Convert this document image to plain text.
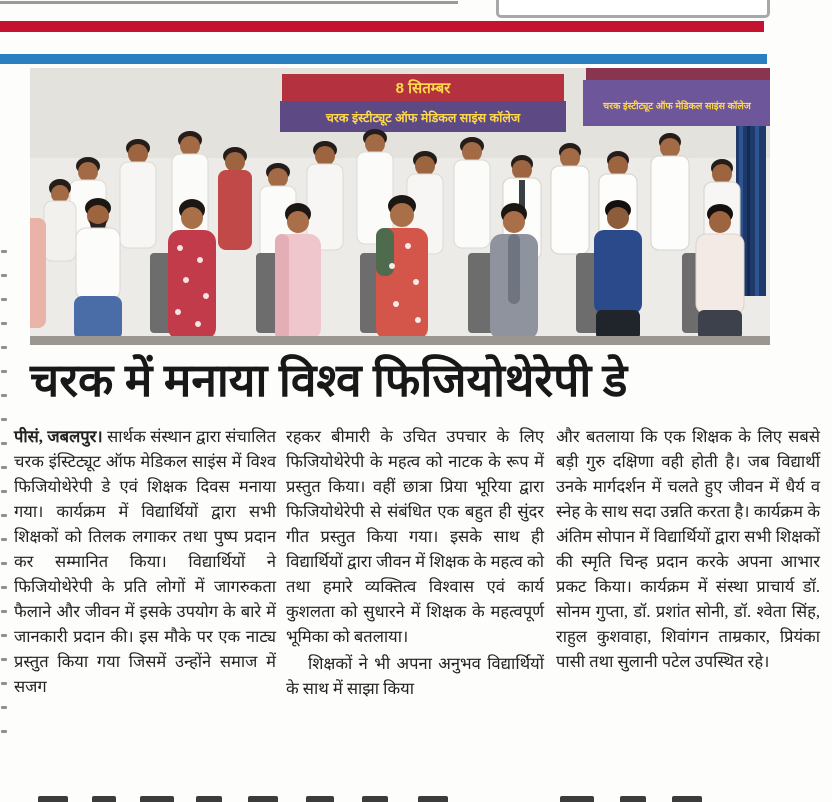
8 सितम्बर
चरक इंस्टीट्यूट ऑफ मेडिकल साइंस कॉलेज
चरक इंस्टीट्यूट ऑफ मेडिकल साइंस कॉलेज
चरक में मनाया विश्व फिजियोथेरेपी डे

पीसं, जबलपुर। सार्थक संस्थान द्वारा संचालित चरक इंस्टिट्यूट ऑफ मेडिकल साइंस में विश्व फिजियोथेरेपी डे एवं शिक्षक दिवस मनाया गया। कार्यक्रम में विद्यार्थियों द्वारा सभी शिक्षकों को तिलक लगाकर तथा पुष्प प्रदान कर सम्मानित किया। विद्यार्थियों ने फिजियोथेरेपी के प्रति लोगों में जागरुकता फैलाने और जीवन में इसके उपयोग के बारे में जानकारी प्रदान की। इस मौके पर एक नाट्य प्रस्तुत किया गया जिसमें उन्होंने समाज में सजग

रहकर बीमारी के उचित उपचार के लिए फिजियोथेरेपी के महत्व को नाटक के रूप में प्रस्तुत किया। वहीं छात्रा प्रिया भूरिया द्वारा फिजियोथेरेपी से संबंधित एक बहुत ही सुंदर गीत प्रस्तुत किया गया। इसके साथ ही विद्यार्थियों द्वारा जीवन में शिक्षक के महत्व को तथा हमारे व्यक्तित्व विश्वास एवं कार्य कुशलता को सुधारने में शिक्षक के महत्वपूर्ण भूमिका को बतलाया।

शिक्षकों ने भी अपना अनुभव विद्यार्थियों के साथ में साझा किया

और बतलाया कि एक शिक्षक के लिए सबसे बड़ी गुरु दक्षिणा वही होती है। जब विद्यार्थी उनके मार्गदर्शन में चलते हुए जीवन में धैर्य व स्नेह के साथ सदा उन्नति करता है। कार्यक्रम के अंतिम सोपान में विद्यार्थियों द्वारा सभी शिक्षकों की स्मृति चिन्ह प्रदान करके अपना आभार प्रकट किया। कार्यक्रम में संस्था प्राचार्य डॉ. सोनम गुप्ता, डॉ. प्रशांत सोनी, डॉ. श्वेता सिंह, राहुल कुशवाहा, शिवांगन ताम्रकार, प्रियंका पासी तथा सुलानी पटेल उपस्थित रहे।
